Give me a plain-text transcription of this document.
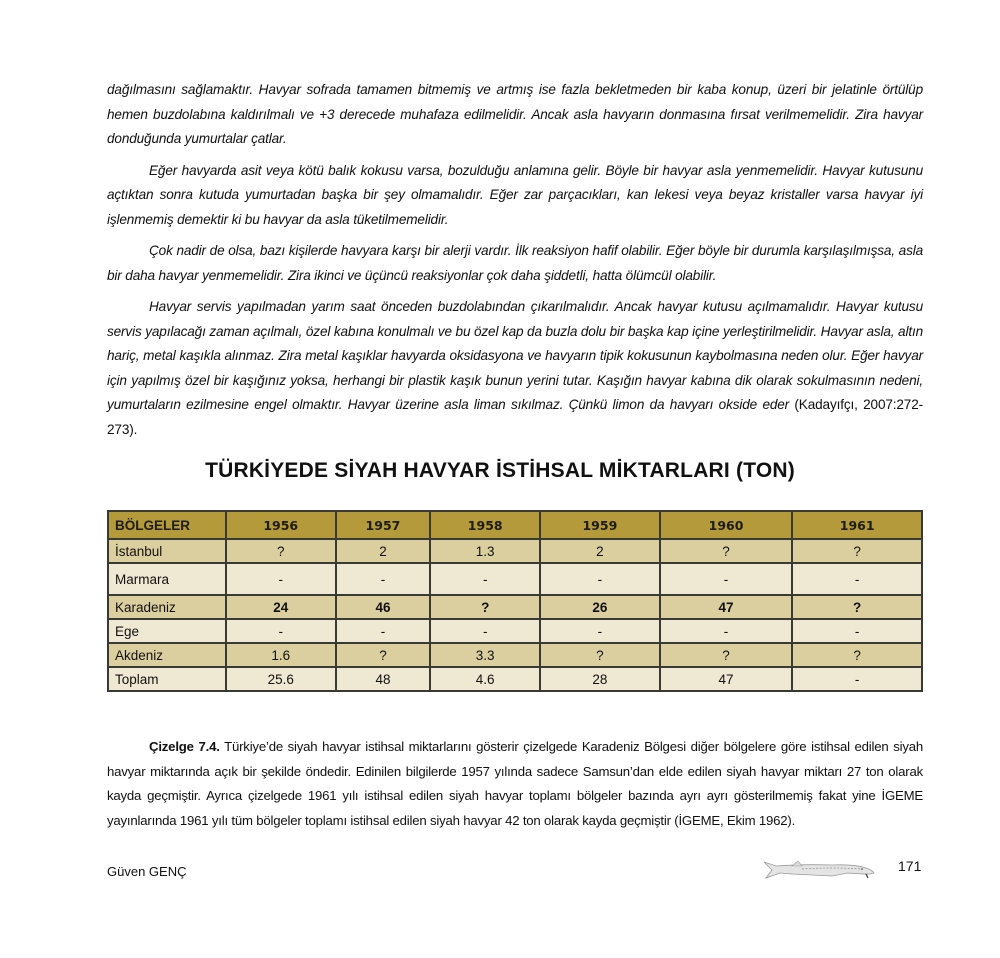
dağılmasını sağlamaktır. Havyar sofrada tamamen bitmemiş ve artmış ise fazla bekletmeden bir kaba konup, üzeri bir jelatinle örtülüp hemen buzdolabına kaldırılmalı ve +3 derecede muhafaza edilmelidir. Ancak asla havyarın donmasına fırsat verilmemelidir. Zira havyar donduğunda yumurtalar çatlar.

Eğer havyarda asit veya kötü balık kokusu varsa, bozulduğu anlamına gelir. Böyle bir havyar asla yenmemelidir. Havyar kutusunu açtıktan sonra kutuda yumurtadan başka bir şey olmamalıdır. Eğer zar parçacıkları, kan lekesi veya beyaz kristaller varsa havyar iyi işlenmemiş demektir ki bu havyar da asla tüketilmemelidir.

Çok nadir de olsa, bazı kişilerde havyara karşı bir alerji vardır. İlk reaksiyon hafif olabilir. Eğer böyle bir durumla karşılaşılmışsa, asla bir daha havyar yenmemelidir. Zira ikinci ve üçüncü reaksiyonlar çok daha şiddetli, hatta ölümcül olabilir.

Havyar servis yapılmadan yarım saat önceden buzdolabından çıkarılmalıdır. Ancak havyar kutusu açılmamalıdır. Havyar kutusu servis yapılacağı zaman açılmalı, özel kabına konulmalı ve bu özel kap da buzla dolu bir başka kap içine yerleştirilmelidir. Havyar asla, altın hariç, metal kaşıkla alınmaz. Zira metal kaşıklar havyarda oksidasyona ve havyarın tipik kokusunun kaybolmasına neden olur. Eğer havyar için yapılmış özel bir kaşığınız yoksa, herhangi bir plastik kaşık bunun yerini tutar. Kaşığın havyar kabına dik olarak sokulmasının nedeni, yumurtaların ezilmesine engel olmaktır. Havyar üzerine asla liman sıkılmaz. Çünkü limon da havyarı okside eder (Kadayıfçı, 2007:272-273).

TÜRKİYEDE SİYAH HAVYAR İSTİHSAL MİKTARLARI (TON)
BÖLGELER	1956	1957	1958	1959	1960	1961
İstanbul	?	2	1.3	2	?	?
Marmara	-	-	-	-	-	-
Karadeniz	24	46	?	26	47	?
Ege	-	-	-	-	-	-
Akdeniz	1.6	?	3.3	?	?	?
Toplam	25.6	48	4.6	28	47	-

Çizelge 7.4. Türkiye’de siyah havyar istihsal miktarlarını gösterir çizelgede Karadeniz Bölgesi diğer bölgelere göre istihsal edilen siyah havyar miktarında açık bir şekilde öndedir. Edinilen bilgilerde 1957 yılında sadece Samsun’dan elde edilen siyah havyar miktarı 27 ton olarak kayda geçmiştir. Ayrıca çizelgede 1961 yılı istihsal edilen siyah havyar toplamı bölgeler bazında ayrı ayrı gösterilmemiş fakat yine İGEME yayınlarında 1961 yılı tüm bölgeler toplamı istihsal edilen siyah havyar 42 ton olarak kayda geçmiştir (İGEME, Ekim 1962).

Güven GENÇ	171
